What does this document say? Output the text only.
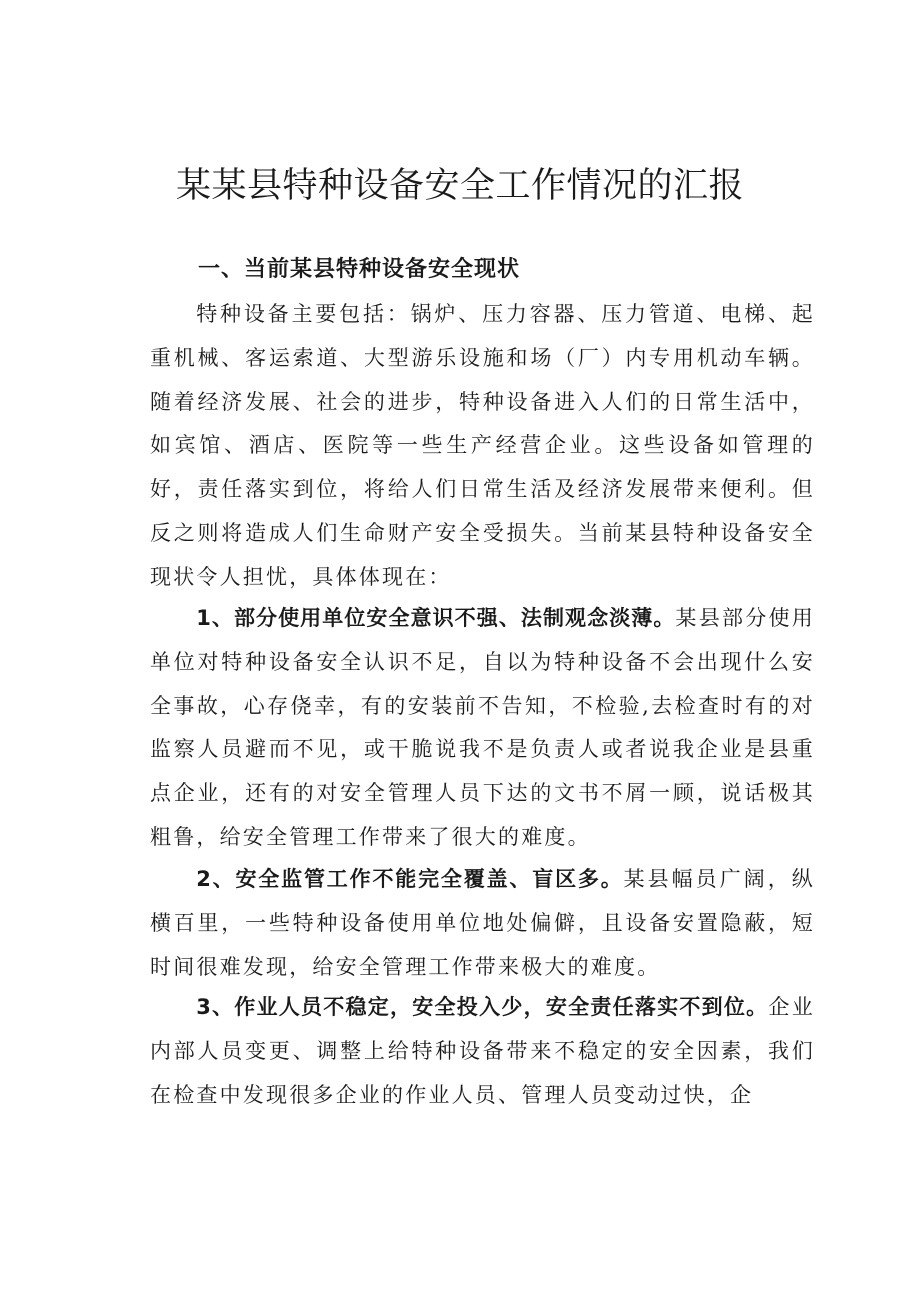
某某县特种设备安全工作情况的汇报
一、当前某县特种设备安全现状

特种设备主要包括：锅炉、压力容器、压力管道、电梯、起重机械、客运索道、大型游乐设施和场（厂）内专用机动车辆。随着经济发展、社会的进步，特种设备进入人们的日常生活中，如宾馆、酒店、医院等一些生产经营企业。这些设备如管理的好，责任落实到位，将给人们日常生活及经济发展带来便利。但反之则将造成人们生命财产安全受损失。当前某县特种设备安全现状令人担忧，具体体现在：

1、部分使用单位安全意识不强、法制观念淡薄。某县部分使用单位对特种设备安全认识不足，自以为特种设备不会出现什么安全事故，心存侥幸，有的安装前不告知，不检验,去检查时有的对监察人员避而不见，或干脆说我不是负责人或者说我企业是县重点企业，还有的对安全管理人员下达的文书不屑一顾，说话极其粗鲁，给安全管理工作带来了很大的难度。

2、安全监管工作不能完全覆盖、盲区多。某县幅员广阔，纵横百里，一些特种设备使用单位地处偏僻，且设备安置隐蔽，短时间很难发现，给安全管理工作带来极大的难度。

3、作业人员不稳定，安全投入少，安全责任落实不到位。企业内部人员变更、调整上给特种设备带来不稳定的安全因素，我们在检查中发现很多企业的作业人员、管理人员变动过快，企
